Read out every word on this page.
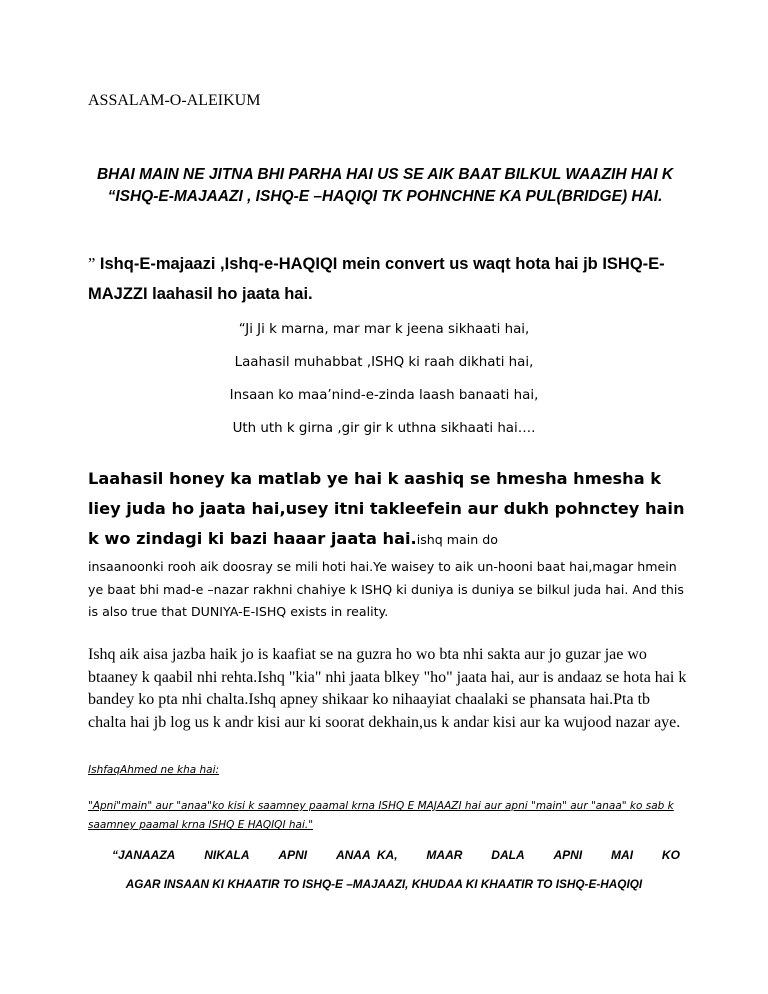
ASSALAM-O-ALEIKUM
BHAI MAIN NE JITNA BHI PARHA HAI US SE AIK BAAT BILKUL WAAZIH HAI K “ISHQ-E-MAJAAZI , ISHQ-E –HAQIQI TK POHNCHNE KA PUL(BRIDGE) HAI.
” Ishq-E-majaazi ,Ishq-e-HAQIQI mein convert us waqt hota hai jb ISHQ-E-MAJZZI laahasil ho jaata hai.
“Ji Ji k marna, mar mar k jeena sikhaati hai,
Laahasil muhabbat ,ISHQ ki raah dikhati hai,
Insaan ko maa’nind-e-zinda laash banaati hai,
Uth uth k girna ,gir gir k uthna sikhaati hai….
Laahasil honey ka matlab ye hai k aashiq se hmesha hmesha k liey juda ho jaata hai,usey itni takleefein aur dukh pohnctey hain k wo zindagi ki bazi haaar jaata hai.ishq main do
insaanoonki rooh aik doosray se mili hoti hai.Ye waisey to aik un-hooni baat hai,magar hmein ye baat bhi mad-e –nazar rakhni chahiye k ISHQ ki duniya is duniya se bilkul juda hai. And this is also true that DUNIYA-E-ISHQ exists in reality.
Ishq aik aisa jazba haik jo is kaafiat se na guzra ho wo bta nhi sakta aur jo guzar jae wo btaaney k qaabil nhi rehta.Ishq "kia" nhi jaata blkey "ho" jaata hai, aur is andaaz se hota hai k bandey ko pta nhi chalta.Ishq apney shikaar ko nihaayiat chaalaki se phansata hai.Pta tb chalta hai jb log us k andr kisi aur ki soorat dekhain,us k andar kisi aur ka wujood nazar aye.
IshfaqAhmed ne kha hai:
"Apni"main" aur "anaa"ko kisi k saamney paamal krna ISHQ E MAJAAZI hai aur apni "main" aur "anaa" ko sab k saamney paamal krna ISHQ E HAQIQI hai."
“JANAAZA NIKALA APNI ANAA  KA, MAAR DALA APNI MAI KO
AGAR INSAAN KI KHAATIR TO ISHQ-E –MAJAAZI, KHUDAA KI KHAATIR TO ISHQ-E-HAQIQI
